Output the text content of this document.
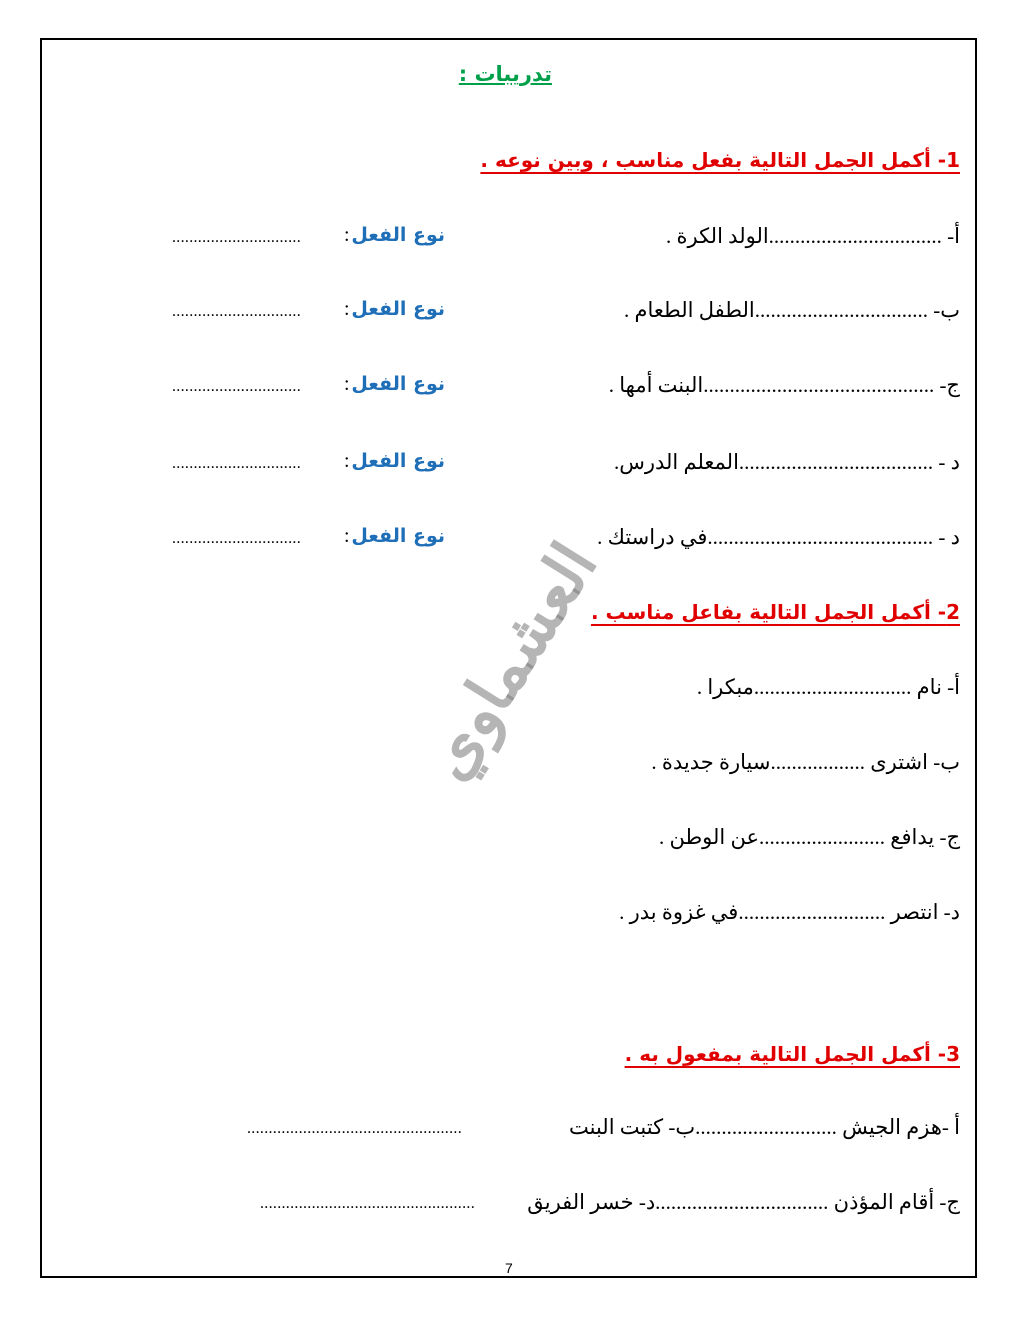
تدريبات :
العشماوي
1- أكمل الجمل التالية بفعل مناسب ، وبين نوعه .
أ- .................................الولد الكرة .
نوع الفعل
:
..............................
ب- .................................الطفل الطعام .
نوع الفعل
:
..............................
ج- ............................................البنت أمها .
نوع الفعل
:
..............................
د - .....................................المعلم الدرس.
نوع الفعل
:
..............................
د - ...........................................في دراستك .
نوع الفعل
:
..............................
2- أكمل الجمل التالية بفاعل مناسب .
أ- نام ..............................مبكرا .
ب- اشترى ..................سيارة جديدة .
ج- يدافع ........................عن الوطن .
د- انتصر ............................في غزوة بدر .
3- أكمل الجمل التالية بمفعول به .
أ -هزم الجيش ...........................ب- كتبت البنت
..................................................
ج- أقام المؤذن .................................د- خسر الفريق
..................................................
7
